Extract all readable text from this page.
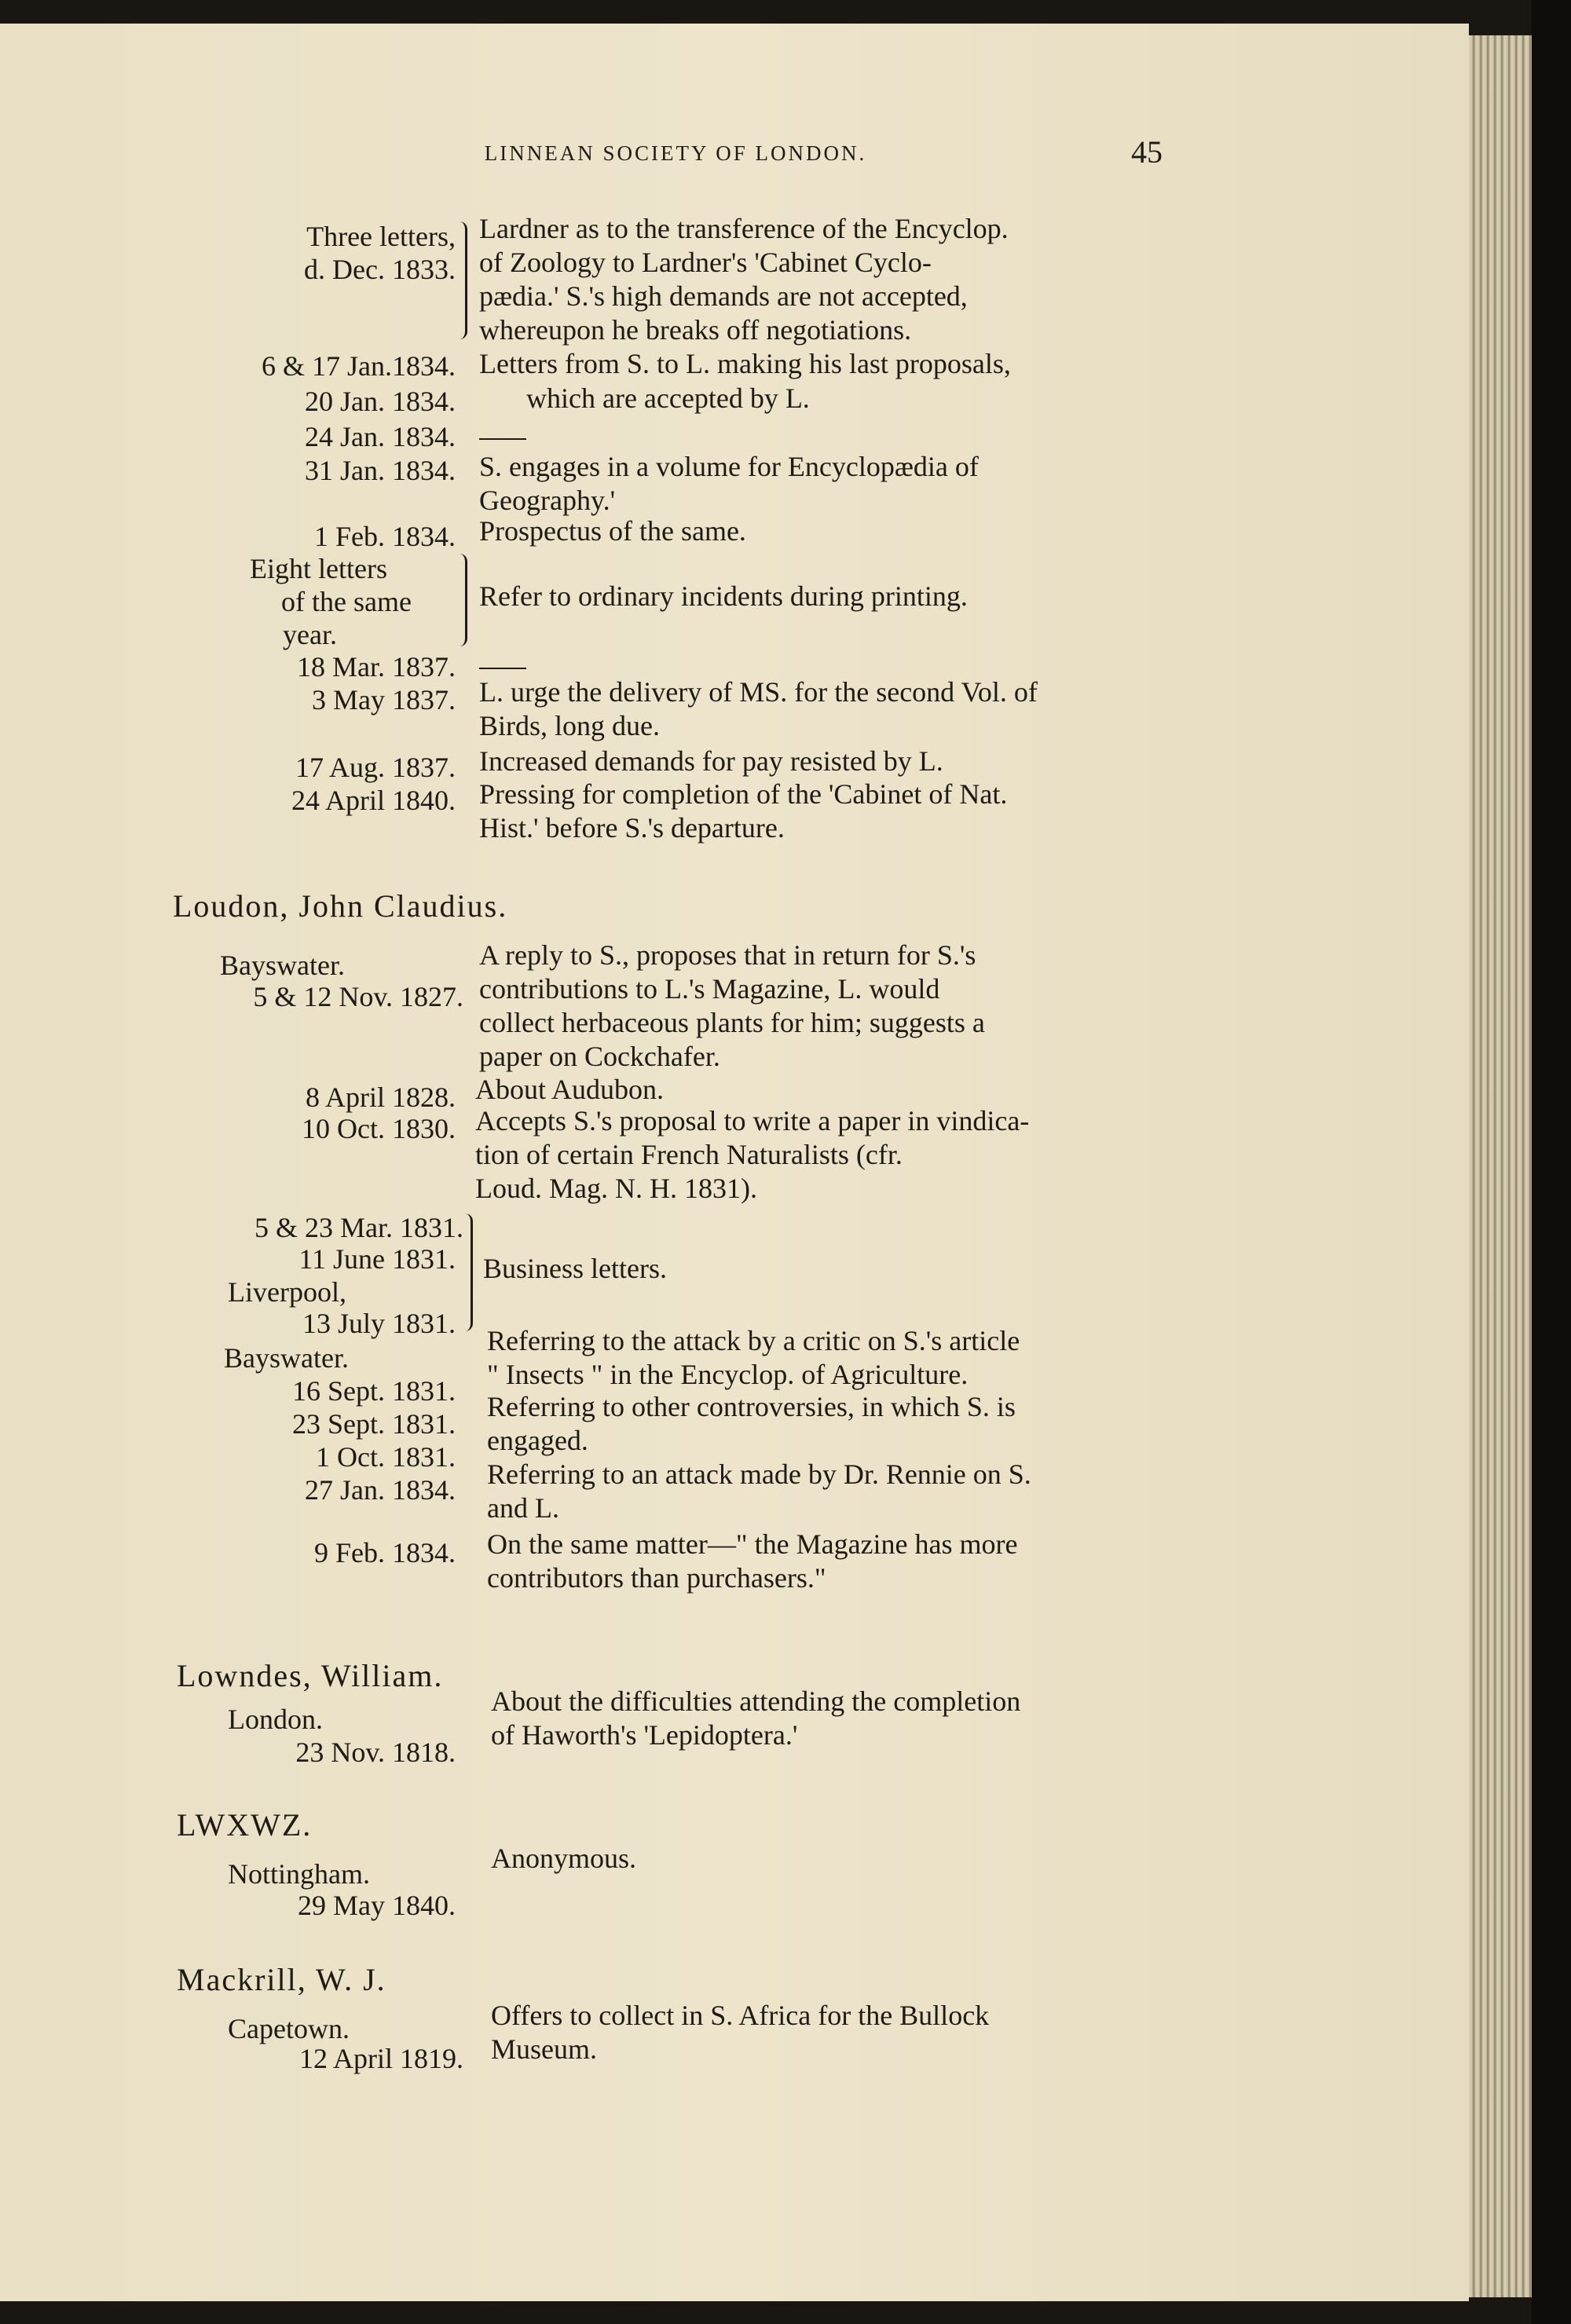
LINNEAN SOCIETY OF LONDON.	45
Three letters,
d. Dec. 1833.
Lardner as to the transference of the Encyclop.
of Zoology to Lardner's 'Cabinet Cyclo-
pædia.' S.'s high demands are not accepted,
whereupon he breaks off negotiations.
6 & 17 Jan.1834. Letters from S. to L. making his last proposals,
20 Jan. 1834.	which are accepted by L.
24 Jan. 1834.
31 Jan. 1834. S. engages in a volume for Encyclopædia of
Geography.'
1 Feb. 1834. Prospectus of the same.
Eight letters
of the same
year.
Refer to ordinary incidents during printing.
18 Mar. 1837.
3 May 1837. L. urge the delivery of MS. for the second Vol. of
Birds, long due.
17 Aug. 1837. Increased demands for pay resisted by L.
24 April 1840. Pressing for completion of the 'Cabinet of Nat.
Hist.' before S.'s departure.
Loudon, John Claudius.
Bayswater.
5 & 12 Nov. 1827.
A reply to S., proposes that in return for S.'s
contributions to L.'s Magazine, L. would
collect herbaceous plants for him; suggests a
paper on Cockchafer.
8 April 1828. About Audubon.
10 Oct. 1830. Accepts S.'s proposal to write a paper in vindica-
tion of certain French Naturalists (cfr.
Loud. Mag. N. H. 1831).
5 & 23 Mar. 1831.
11 June 1831.
Liverpool,
13 July 1831.
Business letters.
Bayswater.
16 Sept. 1831.
Referring to the attack by a critic on S.'s article
" Insects " in the Encyclop. of Agriculture.
23 Sept. 1831.
1 Oct. 1831.
Referring to other controversies, in which S. is
engaged.
27 Jan. 1834. Referring to an attack made by Dr. Rennie on S.
and L.
9 Feb. 1834. On the same matter—" the Magazine has more
contributors than purchasers."
Lowndes, William.
London.
23 Nov. 1818.
About the difficulties attending the completion
of Haworth's 'Lepidoptera.'
LWXWZ.
Nottingham.
29 May 1840.
Anonymous.
Mackrill, W. J.
Capetown.
12 April 1819.
Offers to collect in S. Africa for the Bullock
Museum.
